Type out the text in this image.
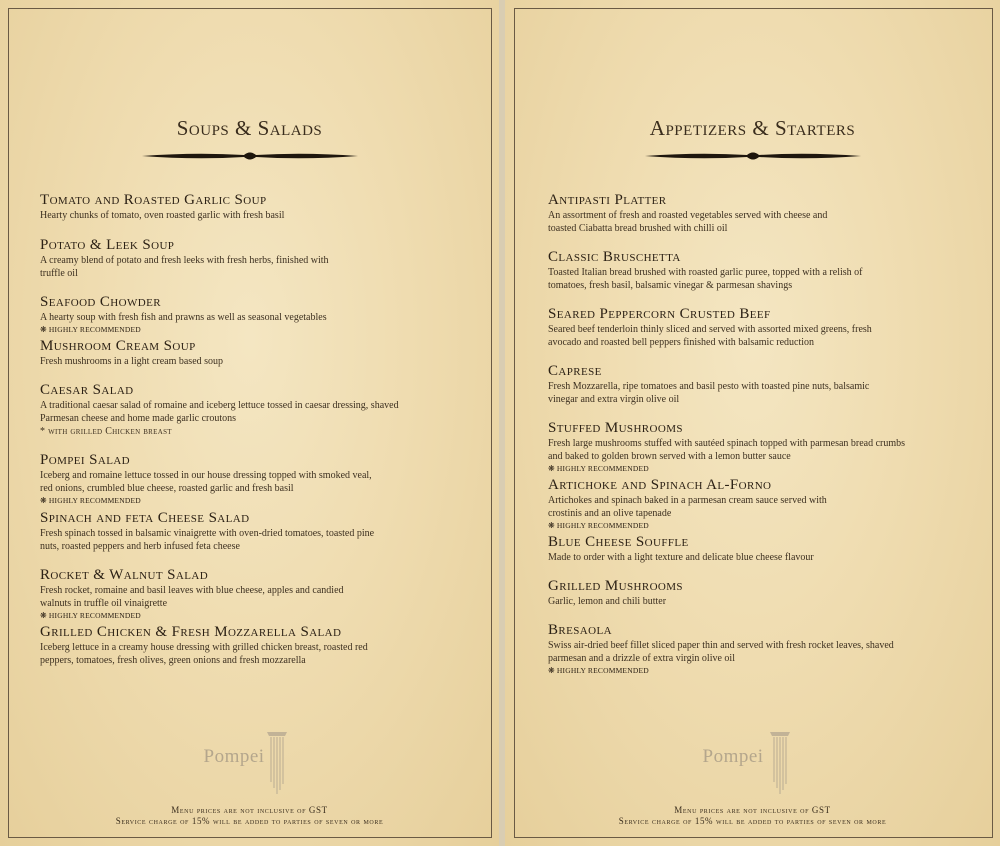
Soups & Salads
Tomato and Roasted Garlic Soup
Hearty chunks of tomato, oven roasted garlic with fresh basil
Potato & Leek Soup
A creamy blend of potato and fresh leeks with fresh herbs, finished with truffle oil
Seafood Chowder
A hearty soup with fresh fish and prawns as well as seasonal vegetables
❋ HIGHLY RECOMMENDED
Mushroom Cream Soup
Fresh mushrooms in a light cream based soup
Caesar Salad
A traditional caesar salad of romaine and iceberg lettuce tossed in caesar dressing, shaved Parmesan cheese and home made garlic croutons
* with grilled Chicken breast
Pompei Salad
Iceberg and romaine lettuce tossed in our house dressing topped with smoked veal, red onions, crumbled blue cheese, roasted garlic and fresh basil
❋ HIGHLY RECOMMENDED
Spinach and feta Cheese Salad
Fresh spinach tossed in balsamic vinaigrette with oven-dried tomatoes, toasted pine nuts, roasted peppers and herb infused feta cheese
Rocket & Walnut Salad
Fresh rocket, romaine and basil leaves with blue cheese, apples and candied walnuts in truffle oil vinaigrette
❋ HIGHLY RECOMMENDED
Grilled Chicken & Fresh Mozzarella Salad
Iceberg lettuce in a creamy house dressing with grilled chicken breast, roasted red peppers, tomatoes, fresh olives, green onions and fresh mozzarella
Pompei
Menu prices are not inclusive of GST
Service charge of 15% will be added to parties of seven or more
Appetizers & Starters
Antipasti Platter
An assortment of fresh and roasted vegetables served with cheese and toasted Ciabatta bread brushed with chilli oil
Classic Bruschetta
Toasted Italian bread brushed with roasted garlic puree, topped with a relish of tomatoes, fresh basil, balsamic vinegar & parmesan shavings
Seared Peppercorn Crusted Beef
Seared beef tenderloin thinly sliced and served with assorted mixed greens, fresh avocado and roasted bell peppers finished with balsamic reduction
Caprese
Fresh Mozzarella, ripe tomatoes and basil pesto with toasted pine nuts, balsamic vinegar and extra virgin olive oil
Stuffed Mushrooms
Fresh large mushrooms stuffed with sautéed spinach topped with parmesan bread crumbs and baked to golden brown served with a lemon butter sauce
❋ HIGHLY RECOMMENDED
Artichoke and Spinach Al-Forno
Artichokes and spinach baked in a parmesan cream sauce served with crostinis and an olive tapenade
❋ HIGHLY RECOMMENDED
Blue Cheese Souffle
Made to order with a light texture and delicate blue cheese flavour
Grilled Mushrooms
Garlic, lemon and chili butter
Bresaola
Swiss air-dried beef fillet sliced paper thin and served with fresh rocket leaves, shaved parmesan and a drizzle of extra virgin olive oil
❋ HIGHLY RECOMMENDED
Pompei
Menu prices are not inclusive of GST
Service charge of 15% will be added to parties of seven or more
